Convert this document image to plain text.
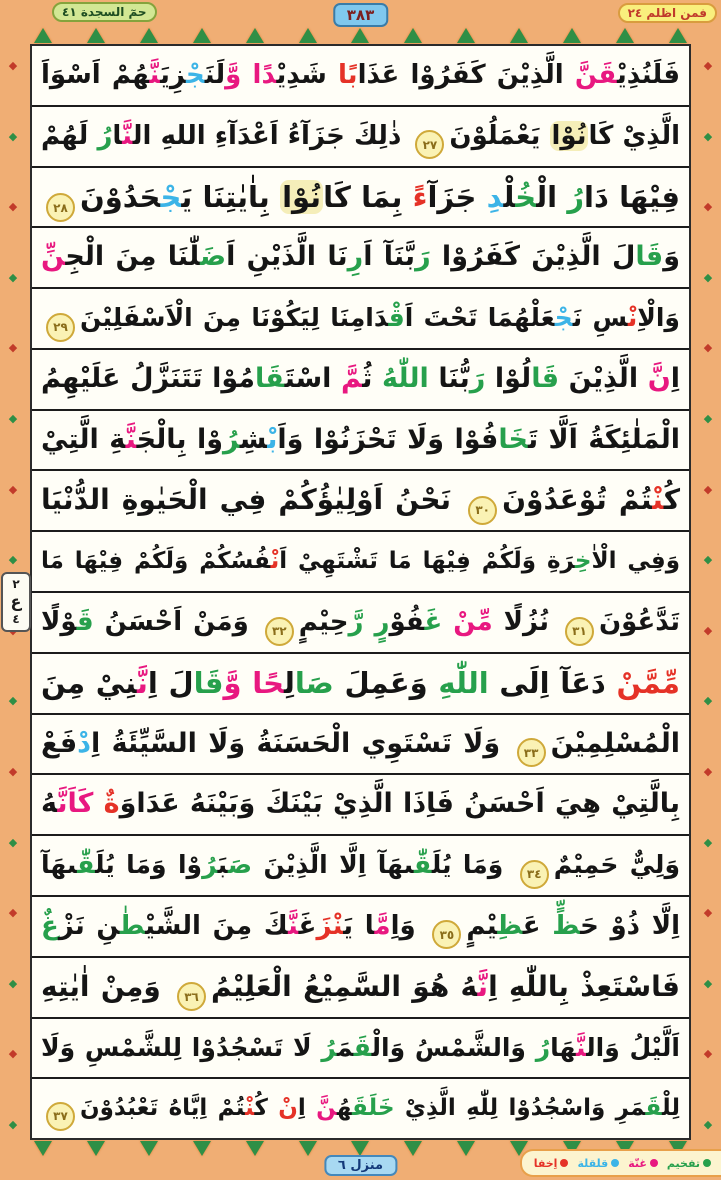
فمن اظلم ٢٤
حمٓ السجدة ٤١	٣٨٣
◆
◆
◆
◆
◆
◆
◆
◆
◆
◆
◆
◆
◆
◆
◆
◆
◆
◆
◆
◆
◆
◆
◆
◆
◆
◆
◆
◆
◆
◆
◆
فَلَنُذِيْقَنَّ الَّذِيْنَ كَفَرُوْا عَذَابًا شَدِيْدًا وَّلَنَجْزِيَنَّهُمْ اَسْوَاَ
الَّذِيْ كَانُوْا يَعْمَلُوْنَ٢٧ ذٰلِكَ جَزَآءُ اَعْدَآءِ اللهِ النَّارُ لَهُمْ
فِيْهَا دَارُ الْخُلْدِ جَزَآءً بِمَا كَانُوْا بِاٰيٰتِنَا يَجْحَدُوْنَ٢٨
وَقَالَ الَّذِيْنَ كَفَرُوْا رَبَّنَآ اَرِنَا الَّذَيْنِ اَضَلّٰنَا مِنَ الْجِنِّ
وَالْاِنْسِ نَجْعَلْهُمَا تَحْتَ اَقْدَامِنَا لِيَكُوْنَا مِنَ الْاَسْفَلِيْنَ٢٩
اِنَّ الَّذِيْنَ قَالُوْا رَبُّنَا اللّٰهُ ثُمَّ اسْتَقَامُوْا تَتَنَزَّلُ عَلَيْهِمُ
الْمَلٰئِكَةُ اَلَّا تَخَافُوْا وَلَا تَحْزَنُوْا وَاَبْشِرُوْا بِالْجَنَّةِ الَّتِيْ
كُنْتُمْ تُوْعَدُوْنَ٣٠ نَحْنُ اَوْلِيٰؤُكُمْ فِي الْحَيٰوةِ الدُّنْيَا
وَفِي الْاٰخِرَةِ وَلَكُمْ فِيْهَا مَا تَشْتَهِيْ اَنْفُسُكُمْ وَلَكُمْ فِيْهَا مَا
تَدَّعُوْنَ٣١ نُزُلًا مِّنْ غَفُوْرٍ رَّحِيْمٍ٣٢ وَمَنْ اَحْسَنُ قَوْلًا
مِّمَّنْ دَعَآ اِلَى اللّٰهِ وَعَمِلَ صَالِحًا وَّقَالَ اِنَّنِيْ مِنَ
الْمُسْلِمِيْنَ٣٣ وَلَا تَسْتَوِي الْحَسَنَةُ وَلَا السَّيِّئَةُ اِدْفَعْ
بِالَّتِيْ هِيَ اَحْسَنُ فَاِذَا الَّذِيْ بَيْنَكَ وَبَيْنَهُ عَدَاوَةٌ كَاَنَّهُ
وَلِيٌّ حَمِيْمٌ٣٤ وَمَا يُلَقّٰىهَآ اِلَّا الَّذِيْنَ صَبَرُوْا وَمَا يُلَقّٰىهَآ
اِلَّا ذُوْ حَظٍّ عَظِيْمٍ٣٥ وَاِمَّا يَنْزَغَنَّكَ مِنَ الشَّيْطٰنِ نَزْغٌ
فَاسْتَعِذْ بِاللّٰهِ اِنَّهُ هُوَ السَّمِيْعُ الْعَلِيْمُ٣٦ وَمِنْ اٰيٰتِهِ
اَلَّيْلُ وَالنَّهَارُ وَالشَّمْسُ وَالْقَمَرُ لَا تَسْجُدُوْا لِلشَّمْسِ وَلَا
لِلْقَمَرِ وَاسْجُدُوْا لِلّٰهِ الَّذِيْ خَلَقَهُنَّ اِنْ كُنْتُمْ اِيَّاهُ تَعْبُدُوْنَ٣٧
٢
ع
٤
منزل ٦	اِخفا قلقلة غنّة تفخيم
